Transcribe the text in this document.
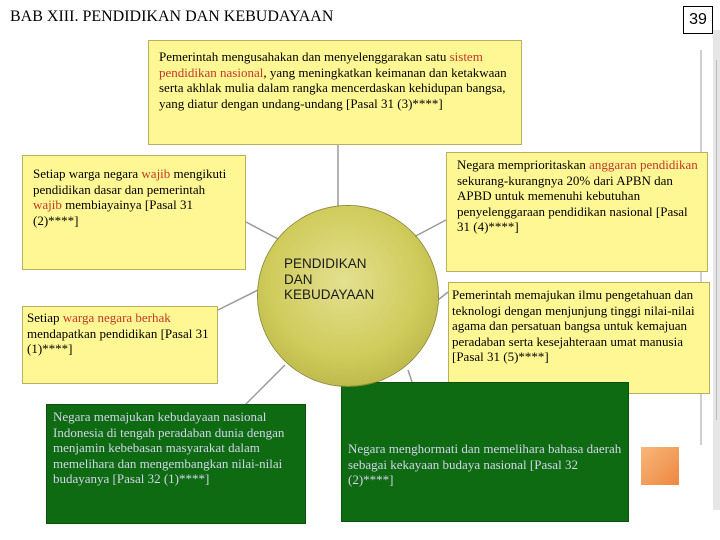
BAB XIII. PENDIDIKAN DAN KEBUDAYAAN	39
Pemerintah mengusahakan dan menyelenggarakan satu sistem pendidikan nasional, yang meningkatkan keimanan dan ketakwaan serta akhlak mulia dalam rangka mencerdaskan kehidupan bangsa, yang diatur dengan undang-undang [Pasal 31 (3)****]
Setiap warga negara wajib mengikuti pendidikan dasar dan pemerintah wajib membiayainya [Pasal 31 (2)****]
Negara memprioritaskan anggaran pendidikan sekurang-kurangnya 20% dari APBN dan APBD untuk memenuhi kebutuhan penyelenggaraan pendidikan nasional [Pasal 31 (4)****]
Setiap warga negara berhak mendapatkan pendidikan [Pasal 31 (1)****]
Pemerintah memajukan ilmu pengetahuan dan teknologi dengan menjunjung tinggi nilai-nilai agama dan persatuan bangsa untuk kemajuan peradaban serta kesejahteraan umat manusia [Pasal 31 (5)****]
Negara memajukan kebudayaan nasional Indonesia di tengah peradaban dunia dengan menjamin kebebasan masyarakat dalam memelihara dan mengembangkan nilai-nilai budayanya [Pasal 32 (1)****]
Negara menghormati dan memelihara bahasa daerah sebagai kekayaan budaya nasional [Pasal 32 (2)****]
PENDIDIKAN
DAN
KEBUDAYAAN
